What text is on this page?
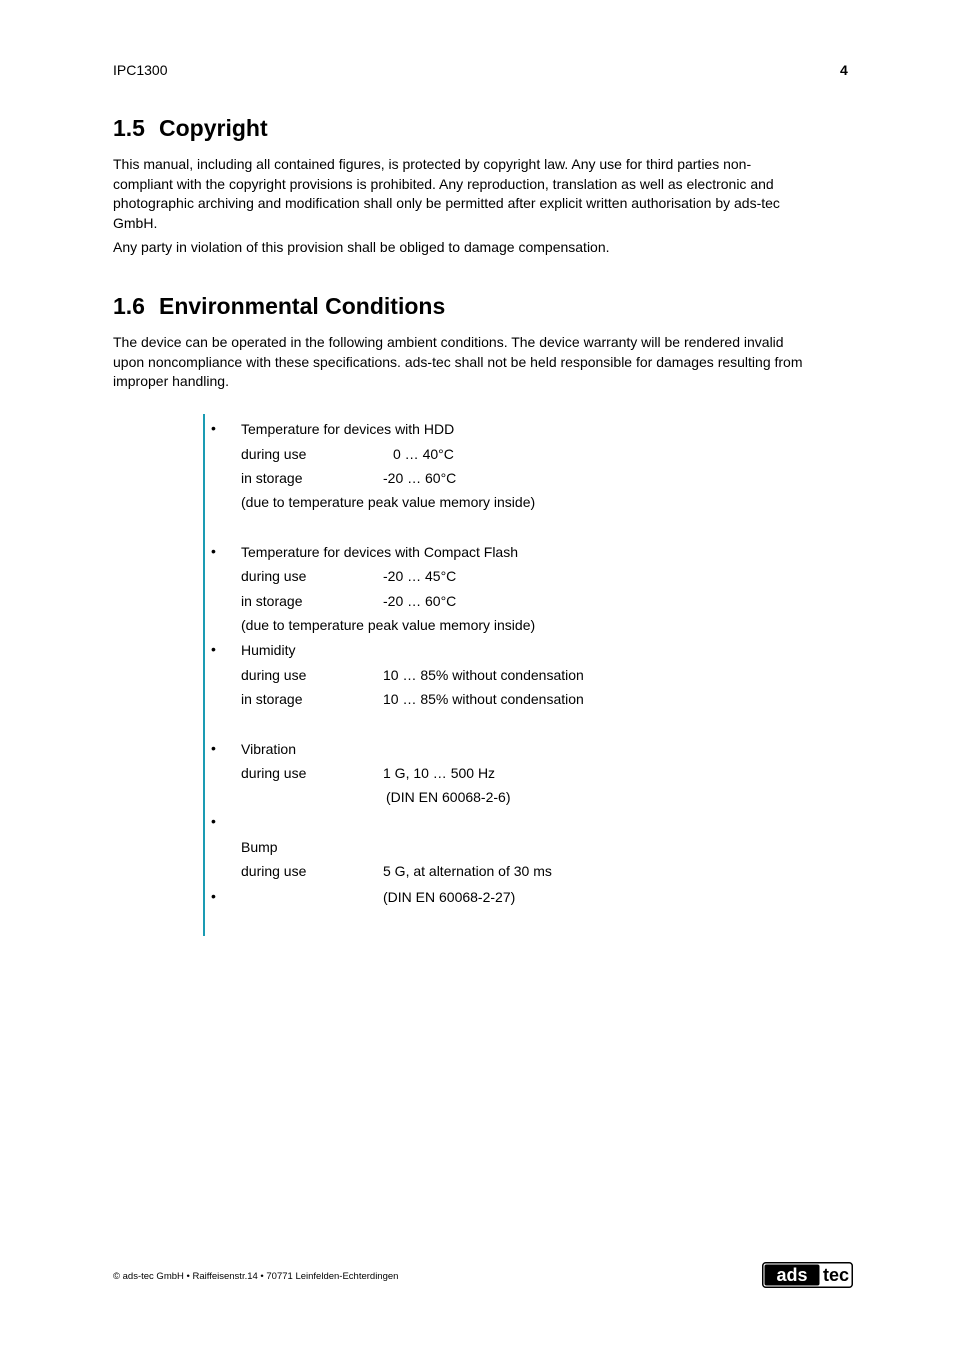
IPC1300	4
1.5 Copyright

This manual, including all contained figures, is protected by copyright law. Any use for third parties non-

compliant with the copyright provisions is prohibited. Any reproduction, translation as well as electronic and

photographic archiving and modification shall only be permitted after explicit written authorisation by ads-tec

GmbH.

Any party in violation of this provision shall be obliged to damage compensation.
1.6 Environmental Conditions

The device can be operated in the following ambient conditions. The device warranty will be rendered invalid

upon noncompliance with these specifications. ads-tec shall not be held responsible for damages resulting from

improper handling.

• Temperature for devices with HDD
during use	0 … 40°C
in storage	-20 … 60°C
(due to temperature peak value memory inside)
• Temperature for devices with Compact Flash
during use	-20 … 45°C
in storage	-20 … 60°C
(due to temperature peak value memory inside)
• Humidity
during use	10 … 85% without condensation
in storage	10 … 85% without condensation
• Vibration
during use	1 G, 10 … 500 Hz
(DIN EN 60068-2-6)
•
Bump
during use	5 G, at alternation of 30 ms
•	(DIN EN 60068-2-27)
© ads-tec GmbH • Raiffeisenstr.14 • 70771 Leinfelden-Echterdingen	ads tec
